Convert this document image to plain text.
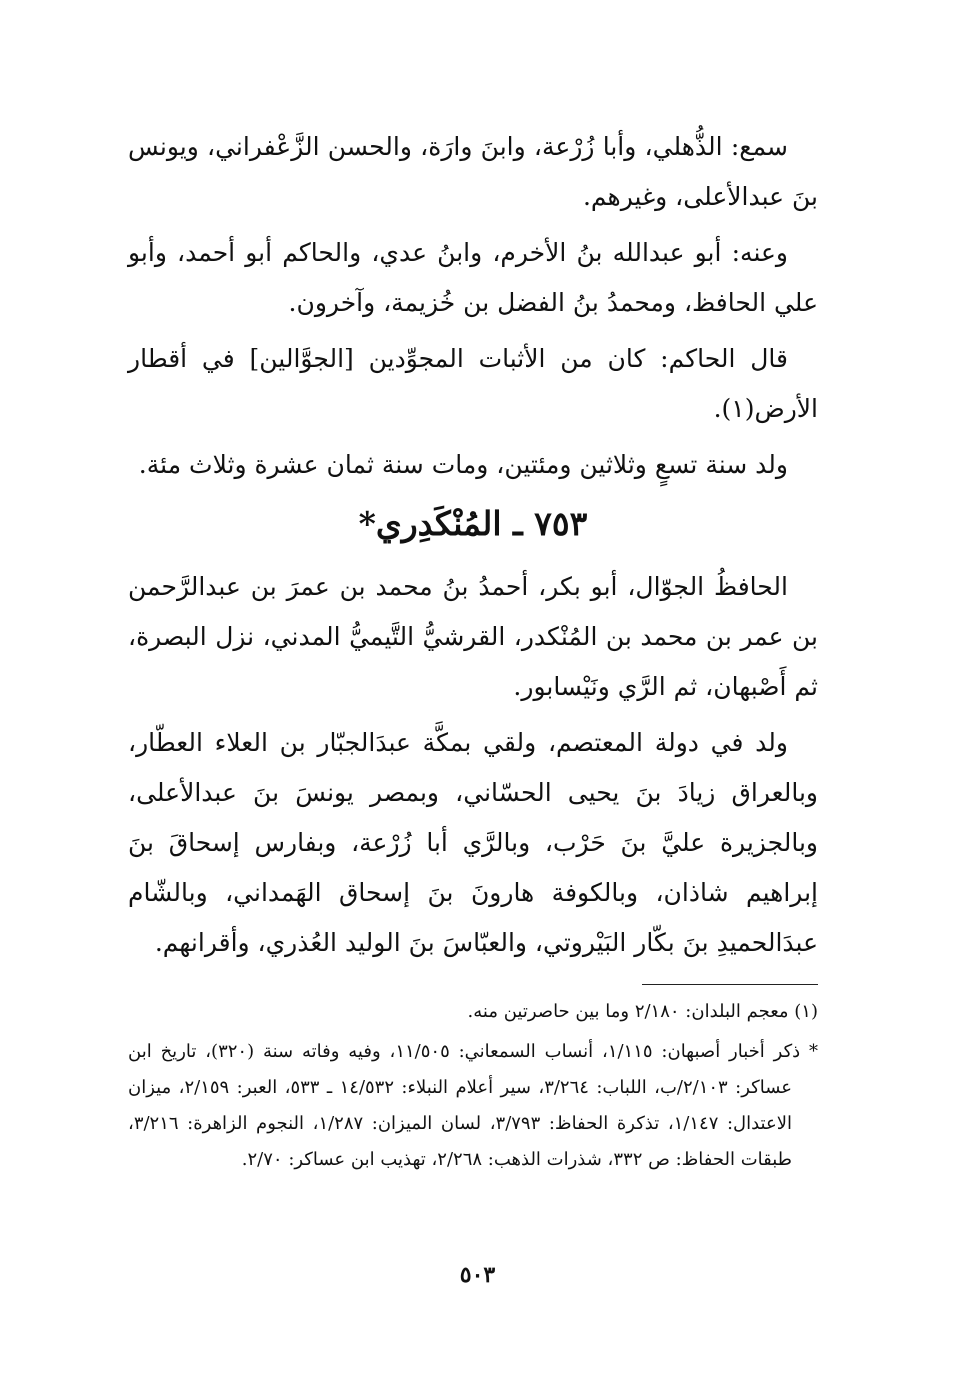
سمع: الذُّهلي، وأبا زُرْعة، وابنَ وارَة، والحسن الزَّعْفراني، ويونس بنَ عبدالأعلى، وغيرهم.

وعنه: أبو عبدالله بنُ الأخرم، وابنُ عدي، والحاكم أبو أحمد، وأبو علي الحافظ، ومحمدُ بنُ الفضل بن خُزيمة، وآخرون.

قال الحاكم: كان من الأثبات المجوِّدين [الجوَّالين] في أقطار الأرض(١).

ولد سنة تسعٍ وثلاثين ومئتين، ومات سنة ثمان عشرة وثلاث مئة.

٧٥٣ ـ المُنْكَدِري*

الحافظُ الجوّال، أبو بكر، أحمدُ بنُ محمد بن عمرَ بن عبدالرَّحمن بن عمر بن محمد بن المُنْكدر، القرشيُّ التَّيميُّ المدني، نزل البصرة، ثم أَصْبهان، ثم الرَّي ونَيْسابور.

ولد في دولة المعتصم، ولقي بمكَّة عبدَالجبّار بن العلاء العطّار، وبالعراق زيادَ بنَ يحيى الحسّاني، وبمصر يونسَ بنَ عبدالأعلى، وبالجزيرة عليَّ بنَ حَرْب، وبالرَّي أبا زُرْعة، وبفارس إسحاقَ بنَ إبراهيم شاذان، وبالكوفة هارونَ بنَ إسحاق الهَمداني، وبالشّام عبدَالحميدِ بنَ بكّار البَيْروتي، والعبّاسَ بنَ الوليد العُذري، وأقرانهم.

(١) معجم البلدان: ٢/١٨٠ وما بين حاصرتين منه.

* ذكر أخبار أصبهان: ١/١١٥، أنساب السمعاني: ١١/٥٠٥، وفيه وفاته سنة (٣٢٠)، تاريخ ابن عساكر: ٢/١٠٣/ب، اللباب: ٣/٢٦٤، سير أعلام النبلاء: ١٤/٥٣٢ ـ ٥٣٣، العبر: ٢/١٥٩، ميزان الاعتدال: ١/١٤٧، تذكرة الحفاظ: ٣/٧٩٣، لسان الميزان: ١/٢٨٧، النجوم الزاهرة: ٣/٢١٦، طبقات الحفاظ: ص ٣٣٢، شذرات الذهب: ٢/٢٦٨، تهذيب ابن عساكر: ٢/٧٠.

٥٠٣
